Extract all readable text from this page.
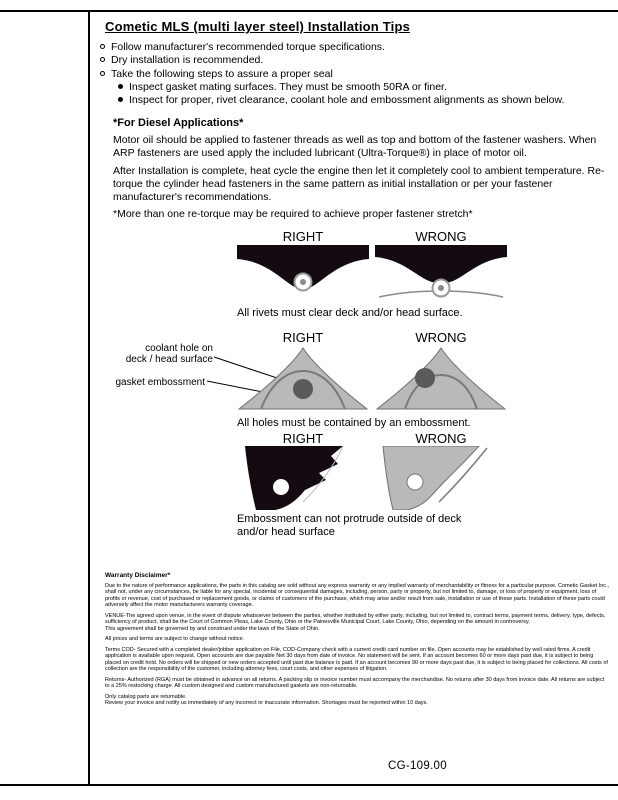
Cometic MLS (multi layer steel) Installation Tips
Follow manufacturer's recommended torque specifications.
Dry installation is recommended.
Take the following steps to assure a proper seal
Inspect gasket mating surfaces. They must be smooth 50RA or finer.
Inspect for proper, rivet clearance, coolant hole and embossment alignments as shown below.
*For Diesel Applications*
Motor oil should be applied to fastener threads as well as top and bottom of the fastener washers. When ARP fasteners are used apply the included lubricant (Ultra-Torque®) in place of motor oil.
After Installation is complete, heat cycle the engine then let it completely cool to ambient temperature. Re-torque the cylinder head fasteners in the same pattern as initial installation or per your fastener manufacturer's recommendations.
*More than one re-torque may be required to achieve proper fastener stretch*
RIGHT	WRONG
All rivets must clear deck and/or head surface.
RIGHT	WRONG
coolant hole on
deck / head surface
gasket embossment
All holes must be contained by an embossment.
RIGHT	WRONG
Embossment can not protrude outside of deck and/or head surface
Warranty Disclaimer*

Due to the nature of performance applications, the parts in this catalog are sold without any express warranty or any implied warranty of merchantability or fitness for a particular purpose. Cometic Gasket Inc., shall not, under any circumstances, be liable for any special, incidental or consequential damages, including, person, party or property, but not limited to, damage, or loss of property or equipment, loss of profits or revenue, cost of purchased or replacement goods, or claims of customers of the purchase, which may arise and/or result from sale, installation or use of these parts. Installation of these parts could adversely affect the motor manufacturers warranty coverage.

VENUE-The agreed upon venue, in the event of dispute whatsoever between the parties, whether instituted by either party, including, but not limited to, contract terms, payment terms, delivery, type, defects, sufficiency of product, shall be the Court of Common Pleas, Lake County, Ohio or the Painesville Municipal Court, Lake County, Ohio, depending on the amount in controversy.

This agreement shall be governed by and construed under the laws of the State of Ohio.

All prices and terms are subject to change without notice.

Terms COD- Secured with a completed dealer/jobber application on File, COD-Company check with a current credit card number on file. Open accounts may be established by well rated firms. A credit application is available upon request. Open accounts are due payable Net 30 days from date of invoice. No statement will be sent. If an account becomes 60 or more days past due, it is subject to being placed on credit hold. No orders will be shipped or new orders accepted until past due balance is paid. If an account becomes 90 or more days past due, it is subject to being placed for collections. All costs of collection are the responsibility of the customer, including attorney fees, court costs, and other expenses of litigation.

Returns- Authorized (RGA) must be obtained in advance on all returns. A packing slip or invoice number must accompany the merchandise. No returns after 30 days from invoice date. All returns are subject to a 25% restocking charge. All custom designed and custom manufactured gaskets are non-returnable.

Only catalog parts are returnable.

Review your invoice and notify us immediately of any incorrect or inaccurate information. Shortages must be reported within 10 days.

CG-109.00
